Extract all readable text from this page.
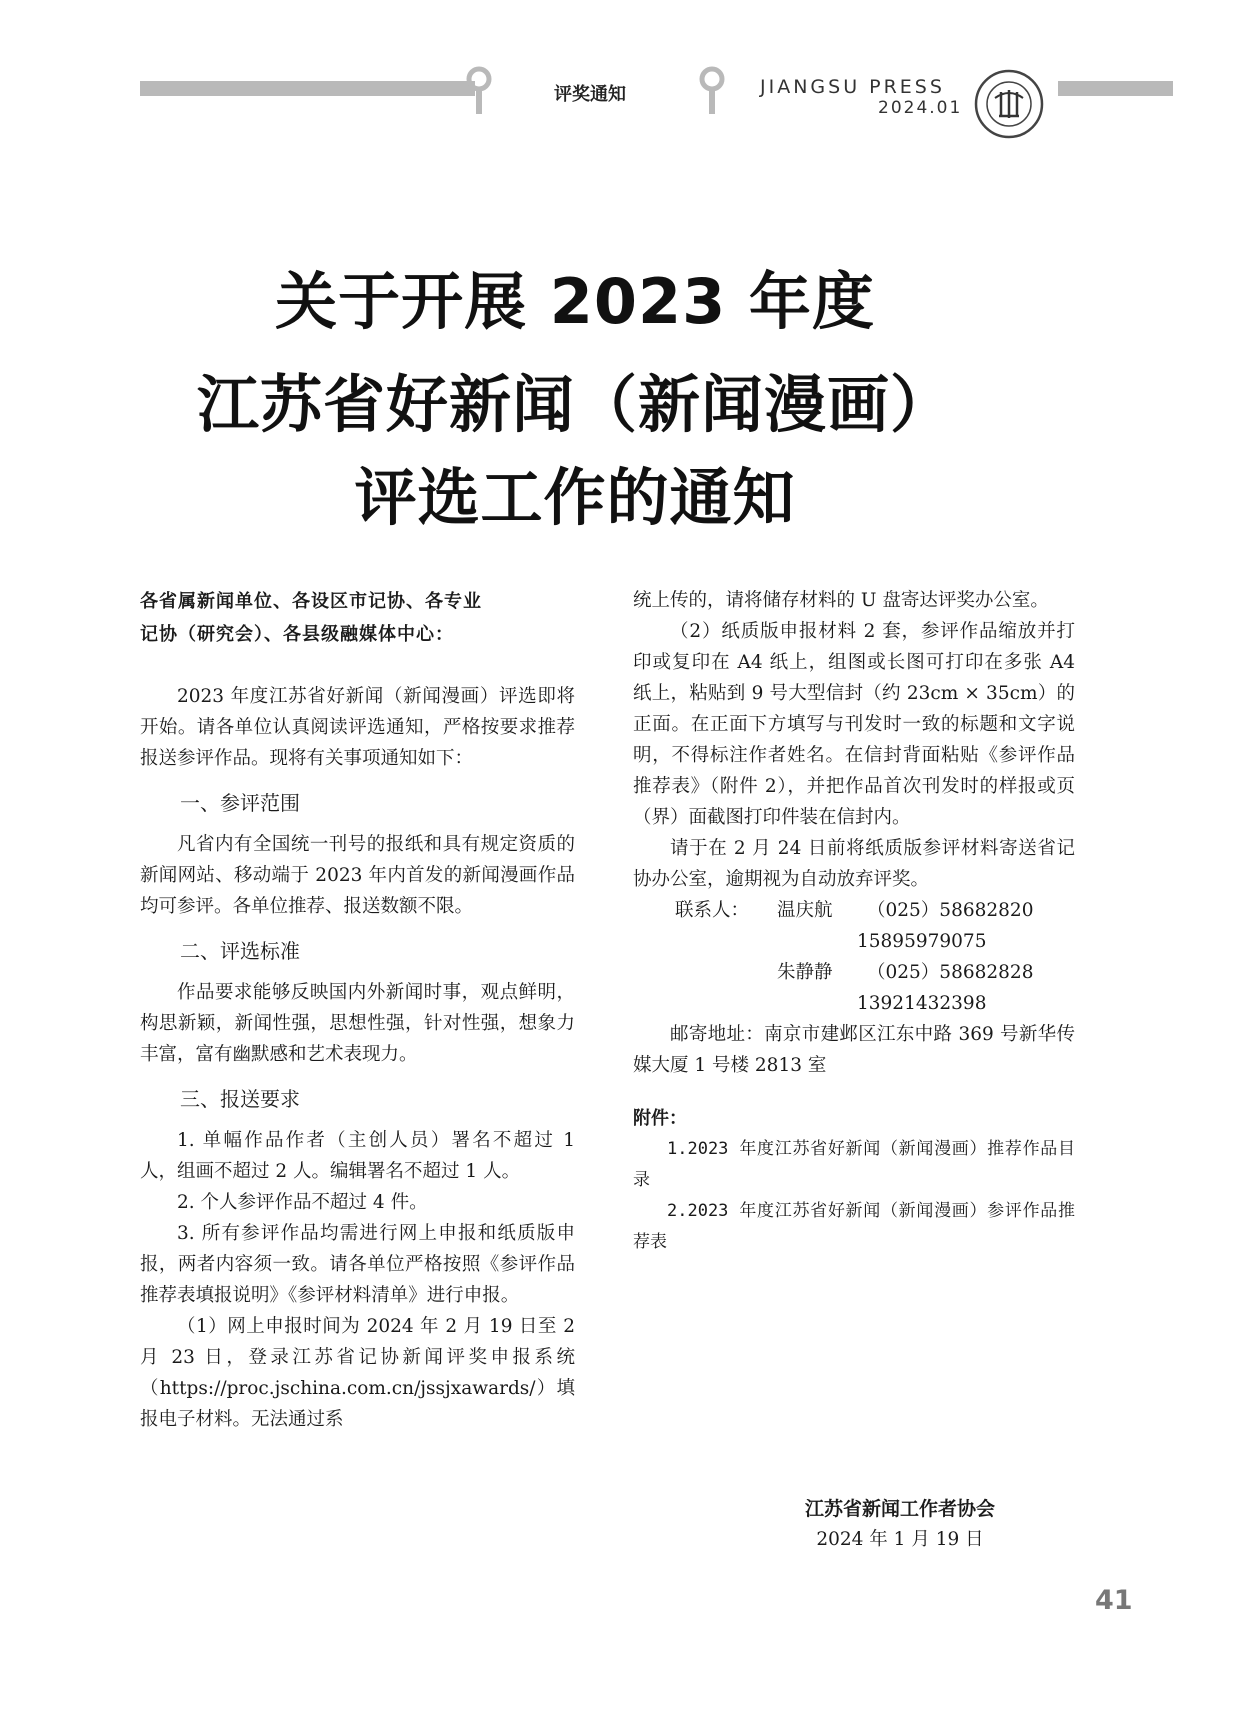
评奖通知	JIANGSU PRESS
2024.01
关于开展 2023 年度
江苏省好新闻（新闻漫画）
评选工作的通知

各省属新闻单位、各设区市记协、各专业

记协（研究会）、各县级融媒体中心：

2023 年度江苏省好新闻（新闻漫画）评选即将开始。请各单位认真阅读评选通知，严格按要求推荐报送参评作品。现将有关事项通知如下：

一、参评范围

凡省内有全国统一刊号的报纸和具有规定资质的新闻网站、移动端于 2023 年内首发的新闻漫画作品均可参评。各单位推荐、报送数额不限。

二、评选标准

作品要求能够反映国内外新闻时事，观点鲜明，构思新颖，新闻性强，思想性强，针对性强，想象力丰富，富有幽默感和艺术表现力。

三、报送要求

1. 单幅作品作者（主创人员）署名不超过 1 人，组画不超过 2 人。编辑署名不超过 1 人。

2. 个人参评作品不超过 4 件。

3. 所有参评作品均需进行网上申报和纸质版申报，两者内容须一致。请各单位严格按照《参评作品推荐表填报说明》《参评材料清单》进行申报。

（1）网上申报时间为 2024 年 2 月 19 日至 2 月 23 日，登录江苏省记协新闻评奖申报系统（https://proc.jschina.com.cn/jssjxawards/）填报电子材料。无法通过系

统上传的，请将储存材料的 U 盘寄达评奖办公室。

（2）纸质版申报材料 2 套，参评作品缩放并打印或复印在 A4 纸上，组图或长图可打印在多张 A4 纸上，粘贴到 9 号大型信封（约 23cm × 35cm）的正面。在正面下方填写与刊发时一致的标题和文字说明，不得标注作者姓名。在信封背面粘贴《参评作品推荐表》（附件 2），并把作品首次刊发时的样报或页（界）面截图打印件装在信封内。

请于在 2 月 24 日前将纸质版参评材料寄送省记协办公室，逾期视为自动放弃评奖。

联系人：	温庆航	（025）58682820

15895979075

朱静静	（025）58682828

13921432398

邮寄地址：南京市建邺区江东中路 369 号新华传媒大厦 1 号楼 2813 室

附件：

1.2023 年度江苏省好新闻（新闻漫画）推荐作品目录

2.2023 年度江苏省好新闻（新闻漫画）参评作品推荐表

江苏省新闻工作者协会
2024 年 1 月 19 日
41
